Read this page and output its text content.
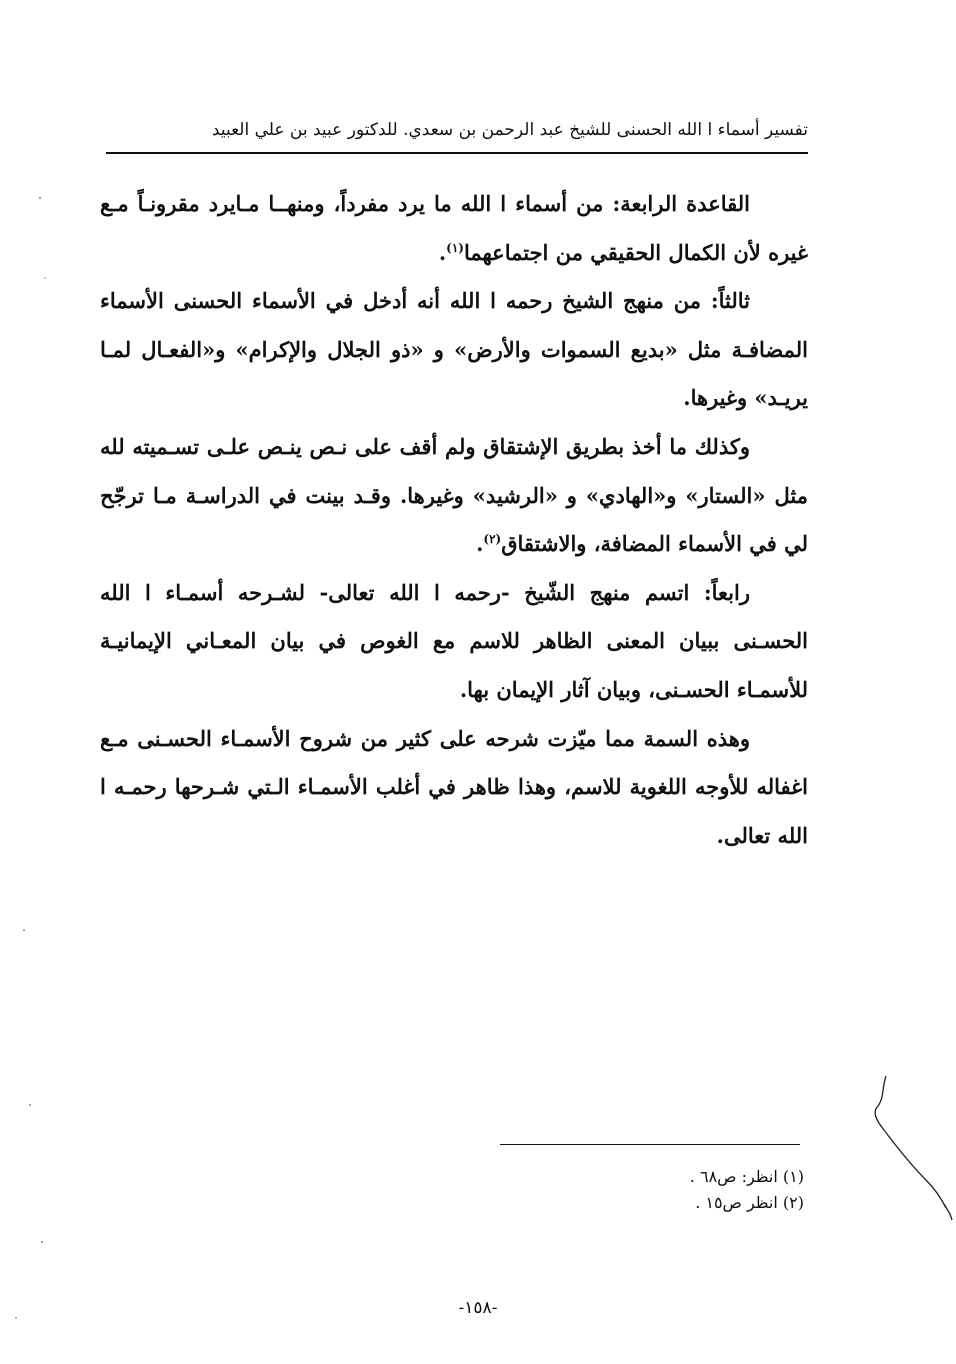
تفسير أسماء ا الله الحسنى للشيخ عبد الرحمن بن سعدي. للدكتور عبيد بن علي العبيد

القاعدة الرابعة: من أسماء ا الله ما يرد مفرداً، ومنهــا مـايرد مقرونـاً مـع غيره لأن الكمال الحقيقي من اجتماعهما$^{(١)}$.

ثالثاً: من منهج الشيخ رحمه ا الله أنه أدخل في الأسماء الحسنى الأسماء المضافـة مثل «بديع السموات والأرض» و «ذو الجلال والإكرام» و«الفعـال لمـا يريـد» وغيرها.

وكذلك ما أخذ بطريق الإشتقاق ولم أقف على نـص ينـص علـى تسـميته لله مثل «الستار» و«الهادي» و «الرشيد» وغيرها. وقـد بينت في الدراسـة مـا ترجّح لي في الأسماء المضافة، والاشتقاق$^{(٢)}$.

رابعاً: اتسم منهج الشّيخ -رحمه ا الله تعالى- لشـرحه أسمـاء ا الله الحسـنى ببيان المعنى الظاهر للاسم مع الغوص في بيان المعـاني الإيمانيـة للأسمـاء الحسـنى، وبيان آثار الإيمان بها.

وهذه السمة مما ميّزت شرحه على كثير من شروح الأسمـاء الحسـنى مـع اغفاله للأوجه اللغوية للاسم، وهذا ظاهر في أغلب الأسمـاء الـتي شـرحها رحمـه ا الله تعالى.

(١) انظر: ص٦٨ .
(٢) انظر ص١٥ .
-١٥٨-
